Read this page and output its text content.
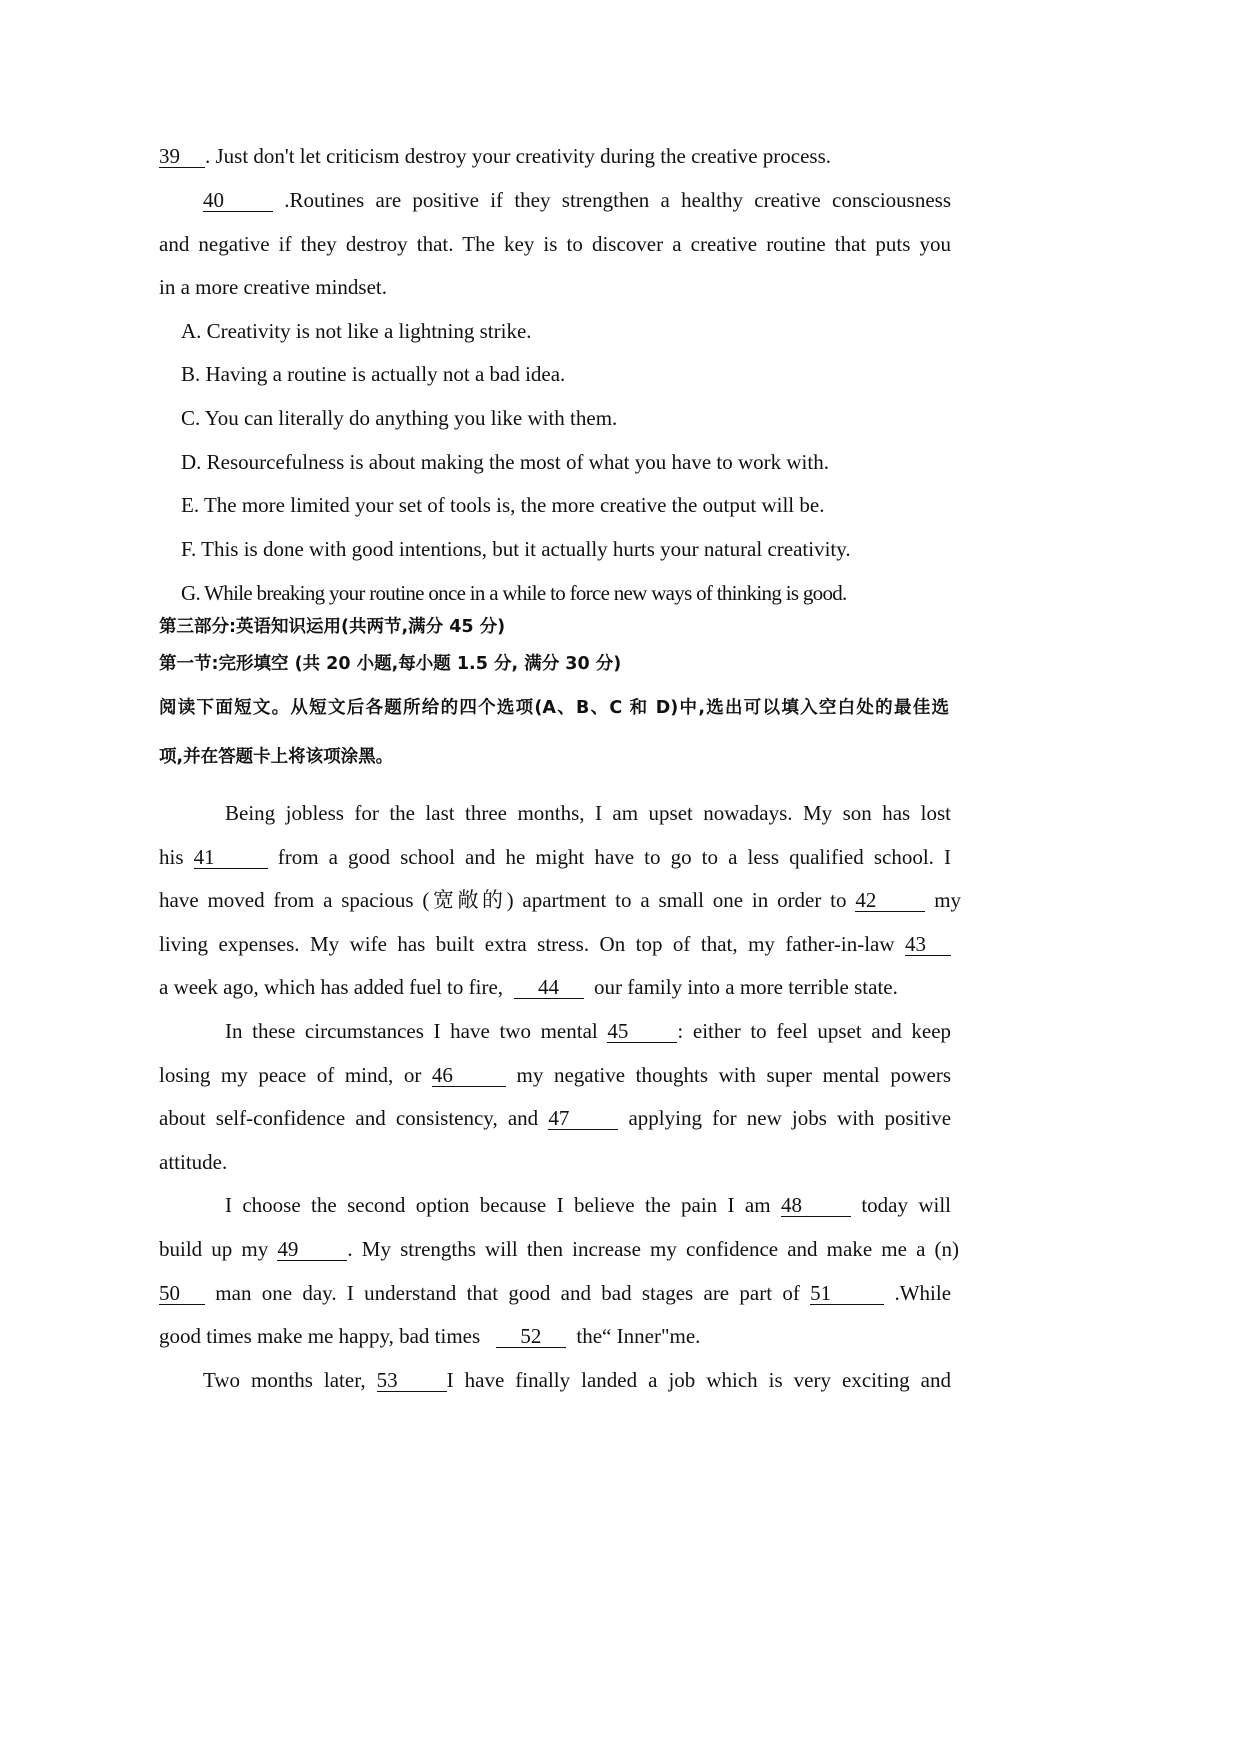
39 . Just don't let criticism destroy your creativity during the creative process.

40	.Routines are positive if they strengthen a healthy creative consciousness

and negative if they destroy that. The key is to discover a creative routine that puts you

in a more creative mindset.

A. Creativity is not like a lightning strike.

B. Having a routine is actually not a bad idea.

C. You can literally do anything you like with them.

D. Resourcefulness is about making the most of what you have to work with.

E. The more limited your set of tools is, the more creative the output will be.

F. This is done with good intentions, but it actually hurts your natural creativity.

G. While breaking your routine once in a while to force new ways of thinking is good.

第三部分:英语知识运用(共两节,满分 45 分)

第一节:完形填空 (共 20 小题,每小题 1.5 分, 满分 30 分)

阅读下面短文。从短文后各题所给的四个选项(A、B、C 和 D)中,选出可以填入空白处的最佳选

项,并在答题卡上将该项涂黑。

Being jobless for the last three months, I am upset nowadays. My son has lost

his 41	from a good school and he might have to go to a less qualified school. I

have moved from a spacious (宽敞的) apartment to a small one in order to 42	my

living expenses. My wife has built extra stress. On top of that, my father-in-law 43

a week ago, which has added fuel to fire, 44 our family into a more terrible state.

In these circumstances I have two mental 45 : either to feel upset and keep

losing my peace of mind, or 46	my negative thoughts with super mental powers

about self-confidence and consistency, and 47	applying for new jobs with positive

attitude.

I choose the second option because I believe the pain I am 48	today will

build up my 49 . My strengths will then increase my confidence and make me a (n)

50 man one day. I understand that good and bad stages are part of 51	.While

good times make me happy, bad times 52 the“ Inner"me.

Two months later, 53 I have finally landed a job which is very exciting and
